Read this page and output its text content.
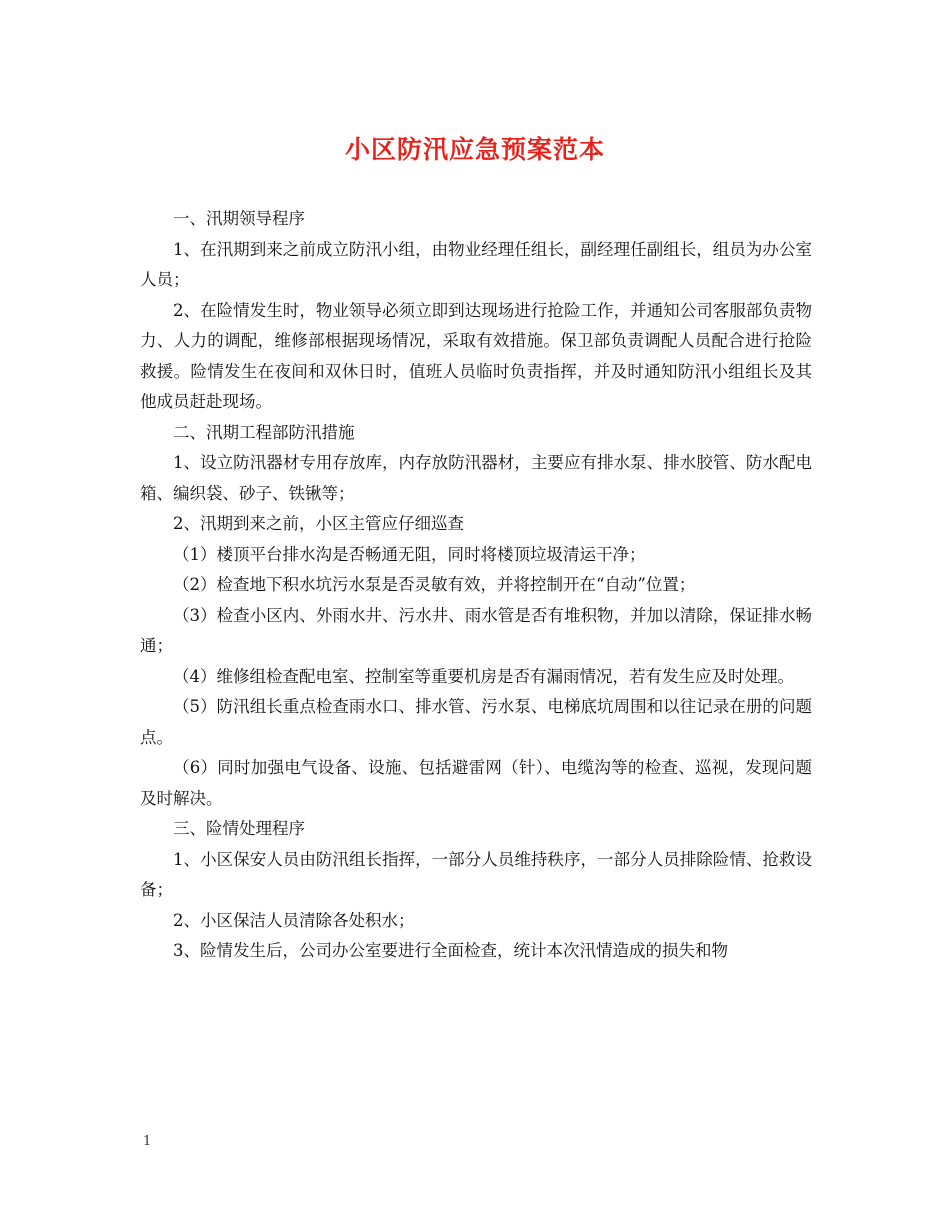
小区防汛应急预案范本

一、汛期领导程序

1、在汛期到来之前成立防汛小组，由物业经理任组长，副经理任副组长，组员为办公室人员；

2、在险情发生时，物业领导必须立即到达现场进行抢险工作，并通知公司客服部负责物力、人力的调配，维修部根据现场情况，采取有效措施。保卫部负责调配人员配合进行抢险救援。险情发生在夜间和双休日时，值班人员临时负责指挥，并及时通知防汛小组组长及其他成员赶赴现场。

二、汛期工程部防汛措施

1、设立防汛器材专用存放库，内存放防汛器材，主要应有排水泵、排水胶管、防水配电箱、编织袋、砂子、铁锹等；

2、汛期到来之前，小区主管应仔细巡查

（1）楼顶平台排水沟是否畅通无阻，同时将楼顶垃圾清运干净；

（2）检查地下积水坑污水泵是否灵敏有效，并将控制开在“自动”位置；

（3）检查小区内、外雨水井、污水井、雨水管是否有堆积物，并加以清除，保证排水畅通；

（4）维修组检查配电室、控制室等重要机房是否有漏雨情况，若有发生应及时处理。

（5）防汛组长重点检查雨水口、排水管、污水泵、电梯底坑周围和以往记录在册的问题点。

（6）同时加强电气设备、设施、包括避雷网（针）、电缆沟等的检查、巡视，发现问题及时解决。

三、险情处理程序

1、小区保安人员由防汛组长指挥，一部分人员维持秩序，一部分人员排除险情、抢救设备；

2、小区保洁人员清除各处积水；

3、险情发生后，公司办公室要进行全面检查，统计本次汛情造成的损失和物

1
